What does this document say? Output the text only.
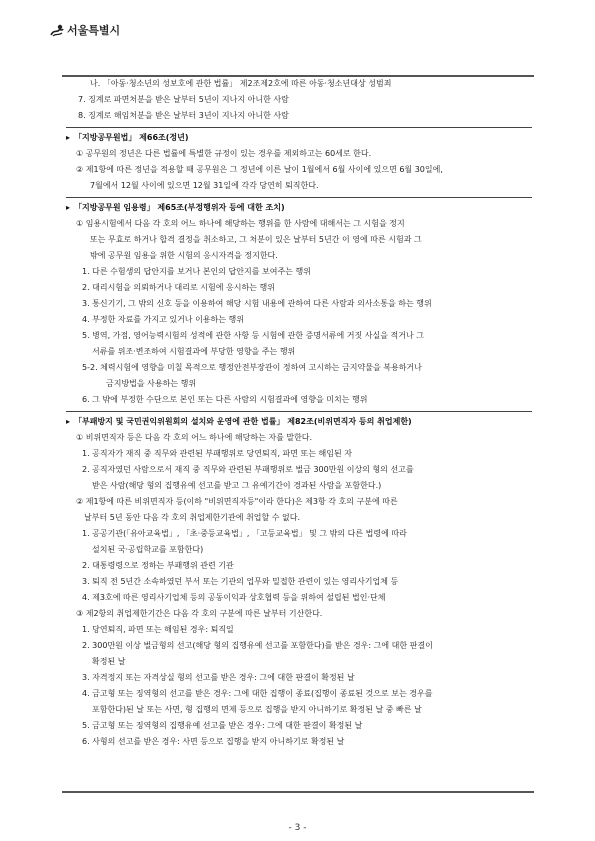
서울특별시
나. 「아동·청소년의 성보호에 관한 법률」 제2조제2호에 따른 아동·청소년대상 성범죄
7. 징계로 파면처분을 받은 날부터 5년이 지나지 아니한 사람
8. 징계로 해임처분을 받은 날부터 3년이 지나지 아니한 사람
▸ 「지방공무원법」 제66조(정년)
① 공무원의 정년은 다른 법률에 특별한 규정이 있는 경우를 제외하고는 60세로 한다.
② 제1항에 따른 정년을 적용할 때 공무원은 그 정년에 이른 날이 1월에서 6월 사이에 있으면 6월 30일에,
7월에서 12월 사이에 있으면 12월 31일에 각각 당연히 퇴직한다.
▸ 「지방공무원 임용령」 제65조(부정행위자 등에 대한 조치)
① 임용시험에서 다음 각 호의 어느 하나에 해당하는 행위를 한 사람에 대해서는 그 시험을 정지
또는 무효로 하거나 합격 결정을 취소하고, 그 처분이 있은 날부터 5년간 이 영에 따른 시험과 그
밖에 공무원 임용을 위한 시험의 응시자격을 정지한다.
1. 다른 수험생의 답안지를 보거나 본인의 답안지를 보여주는 행위
2. 대리시험을 의뢰하거나 대리로 시험에 응시하는 행위
3. 통신기기, 그 밖의 신호 등을 이용하여 해당 시험 내용에 관하여 다른 사람과 의사소통을 하는 행위
4. 부정한 자료를 가지고 있거나 이용하는 행위
5. 병역, 가점, 영어능력시험의 성적에 관한 사항 등 시험에 관한 증명서류에 거짓 사실을 적거나 그
서류를 위조·변조하여 시험결과에 부당한 영향을 주는 행위
5-2. 체력시험에 영향을 미칠 목적으로 행정안전부장관이 정하여 고시하는 금지약물을 복용하거나
금지방법을 사용하는 행위
6. 그 밖에 부정한 수단으로 본인 또는 다른 사람의 시험결과에 영향을 미치는 행위
▸ 「부패방지 및 국민권익위원회의 설치와 운영에 관한 법률」 제82조(비위면직자 등의 취업제한)
① 비위면직자 등은 다음 각 호의 어느 하나에 해당하는 자를 말한다.
1. 공직자가 재직 중 직무와 관련된 부패행위로 당연퇴직, 파면 또는 해임된 자
2. 공직자였던 사람으로서 재직 중 직무와 관련된 부패행위로 벌금 300만원 이상의 형의 선고를
받은 사람(해당 형의 집행유예 선고를 받고 그 유예기간이 경과된 사람을 포함한다.)
② 제1항에 따른 비위면직자 등(이하 "비위면직자등"이라 한다)은 제3항 각 호의 구분에 따른
날부터 5년 동안 다음 각 호의 취업제한기관에 취업할 수 없다.
1. 공공기관(「유아교육법」, 「초·중등교육법」, 「고등교육법」 및 그 밖의 다른 법령에 따라
설치된 국·공립학교를 포함한다)
2. 대통령령으로 정하는 부패행위 관련 기관
3. 퇴직 전 5년간 소속하였던 부서 또는 기관의 업무와 밀접한 관련이 있는 영리사기업체 등
4. 제3호에 따른 영리사기업체 등의 공동이익과 상호협력 등을 위하여 설립된 법인·단체
③ 제2항의 취업제한기간은 다음 각 호의 구분에 따른 날부터 기산한다.
1. 당연퇴직, 파면 또는 해임된 경우: 퇴직일
2. 300만원 이상 벌금형의 선고(해당 형의 집행유예 선고를 포함한다)를 받은 경우: 그에 대한 판결이
확정된 날
3. 자격정지 또는 자격상실 형의 선고를 받은 경우: 그에 대한 판결이 확정된 날
4. 금고형 또는 징역형의 선고를 받은 경우: 그에 대한 집행이 종료(집행이 종료된 것으로 보는 경우를
포함한다)된 날 또는 사면, 형 집행의 면제 등으로 집행을 받지 아니하기로 확정된 날 중 빠른 날
5. 금고형 또는 징역형의 집행유예 선고를 받은 경우: 그에 대한 판결이 확정된 날
6. 사형의 선고를 받은 경우: 사면 등으로 집행을 받지 아니하기로 확정된 날
- 3 -
